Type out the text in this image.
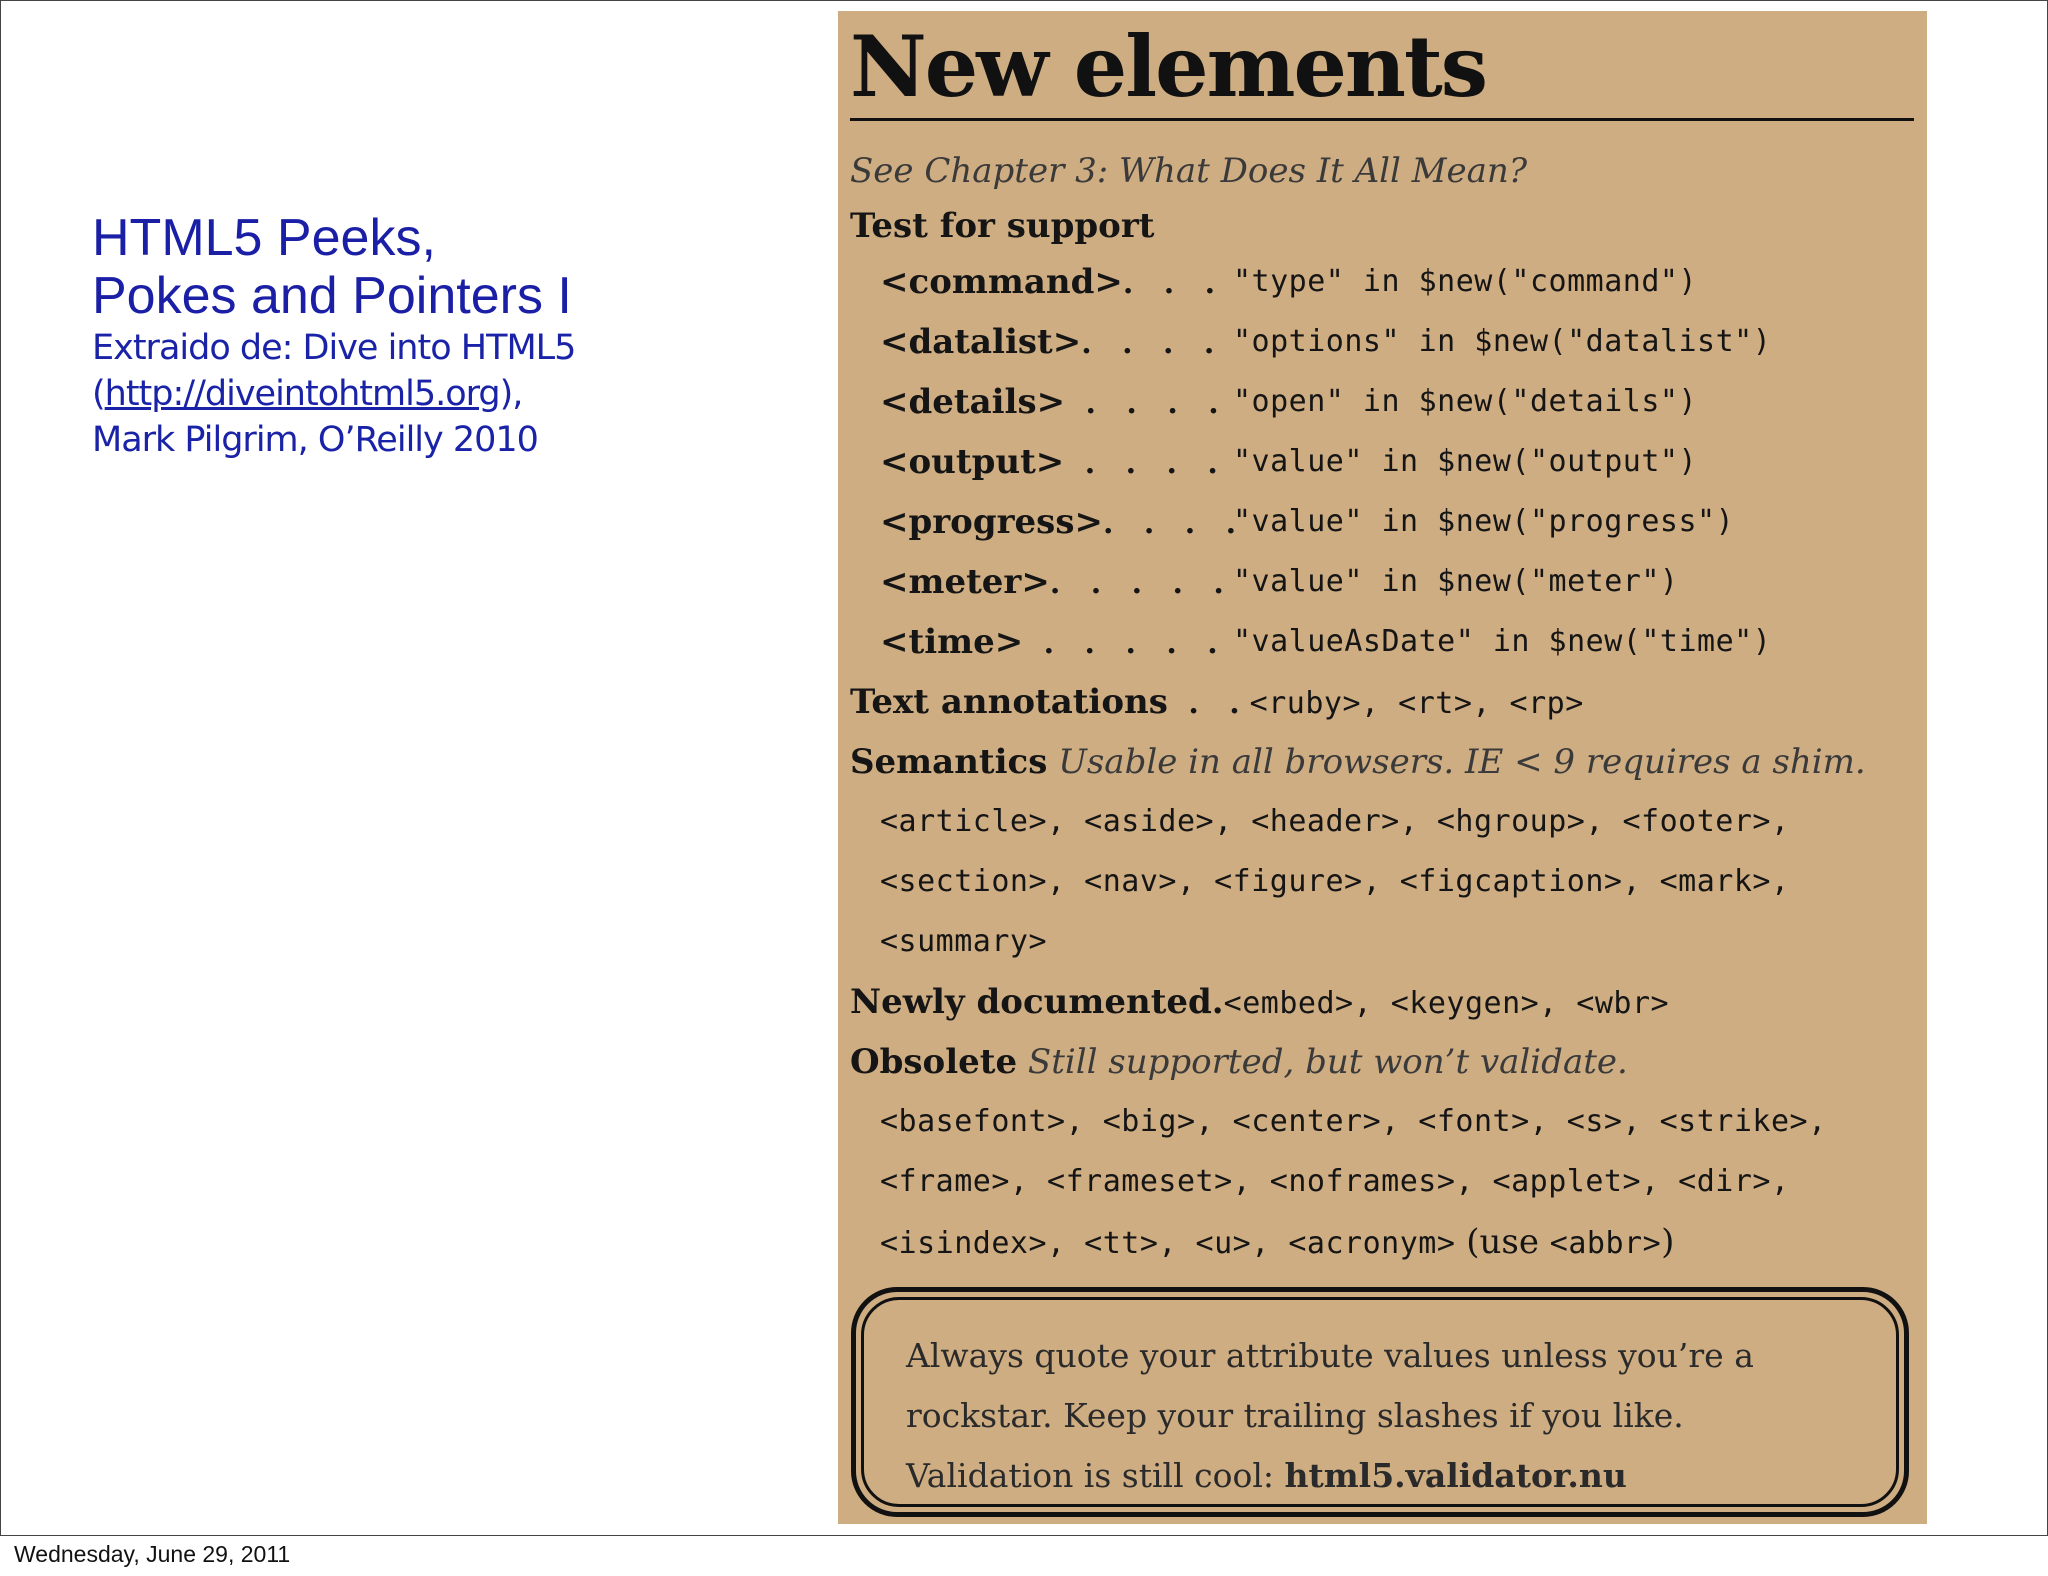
HTML5 Peeks,
Pokes and Pointers I
Extraido de: Dive into HTML5
(http://diveintohtml5.org),
Mark Pilgrim, O’Reilly 2010
New elements
See Chapter 3: What Does It All Mean?
Test for support
<command>. . . "type" in $new("command")
<datalist>. . . . "options" in $new("datalist")
<details> . . . . "open" in $new("details")
<output> . . . . "value" in $new("output")
<progress>. . . .
"value" in $new("progress")
<meter>. . . . . "value" in $new("meter")
<time> . . . . . "valueAsDate" in $new("time")
Text annotations . .<ruby>, <rt>, <rp>
Semantics Usable in all browsers. IE < 9 requires a shim.
<article>, <aside>, <header>, <hgroup>, <footer>,
<section>, <nav>, <figure>, <figcaption>, <mark>,
<summary>
Newly documented.<embed>, <keygen>, <wbr>
Obsolete Still supported, but won’t validate.
<basefont>, <big>, <center>, <font>, <s>, <strike>,
<frame>, <frameset>, <noframes>, <applet>, <dir>,
<isindex>, <tt>, <u>, <acronym> (use <abbr>)
Always quote your attribute values unless you’re a
rockstar. Keep your trailing slashes if you like.
Validation is still cool: html5.validator.nu
Wednesday, June 29, 2011
